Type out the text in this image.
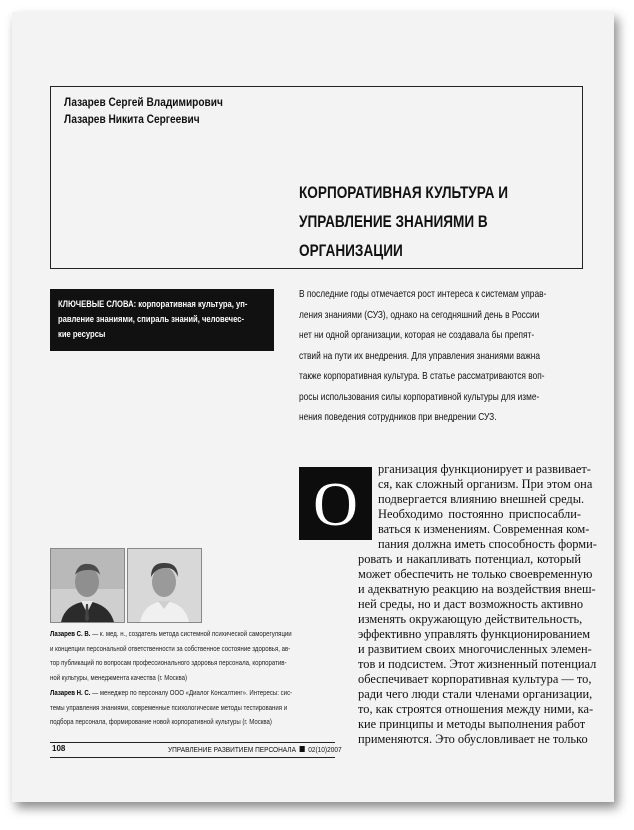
Лазарев Сергей Владимирович
Лазарев Никита Сергеевич
КОРПОРАТИВНАЯ КУЛЬТУРА И
УПРАВЛЕНИЕ ЗНАНИЯМИ В
ОРГАНИЗАЦИИ
КЛЮЧЕВЫЕ СЛОВА: корпоративная культура, уп-
равление знаниями, спираль знаний, человечес-
кие ресурсы
В последние годы отмечается рост интереса к системам управ-
ления знаниями (СУЗ), однако на сегодняшний день в России
нет ни одной организации, которая не создавала бы препят-
ствий на пути их внедрения. Для управления знаниями важна
также корпоративная культура. В статье рассматриваются воп-
росы использования силы корпоративной культуры для изме-
нения поведения сотрудников при внедрении СУЗ.
О
рганизация функционирует и развивает-
ся, как сложный организм. При этом она
подвергается влиянию внешней среды.
Необходимо постоянно приспосабли-
ваться к изменениям. Современная ком-
пания должна иметь способность форми-
ровать и накапливать потенциал, который
может обеспечить не только своевременную
и адекватную реакцию на воздействия внеш-
ней среды, но и даст возможность активно
изменять окружающую действительность,
эффективно управлять функционированием
и развитием своих многочисленных элемен-
тов и подсистем. Этот жизненный потенциал
обеспечивает корпоративная культура — то,
ради чего люди стали членами организации,
то, как строятся отношения между ними, ка-
кие принципы и методы выполнения работ
применяются. Это обусловливает не только
Лазарев С. В. — к. мед. н., создатель метода системной психической саморегуляции
и концепции персональной ответственности за собственное состояние здоровья, ав-
тор публикаций по вопросам профессионального здоровья персонала, корпоратив-
ной культуры, менеджмента качества (г. Москва)
Лазарев Н. С. — менеджер по персоналу ООО «Диалог Консалтинг». Интересы: сис-
темы управления знаниями, современные психологические методы тестирования и
подбора персонала, формирование новой корпоративной культуры (г. Москва)
108	УПРАВЛЕНИЕ РАЗВИТИЕМ ПЕРСОНАЛА 02(10)2007
